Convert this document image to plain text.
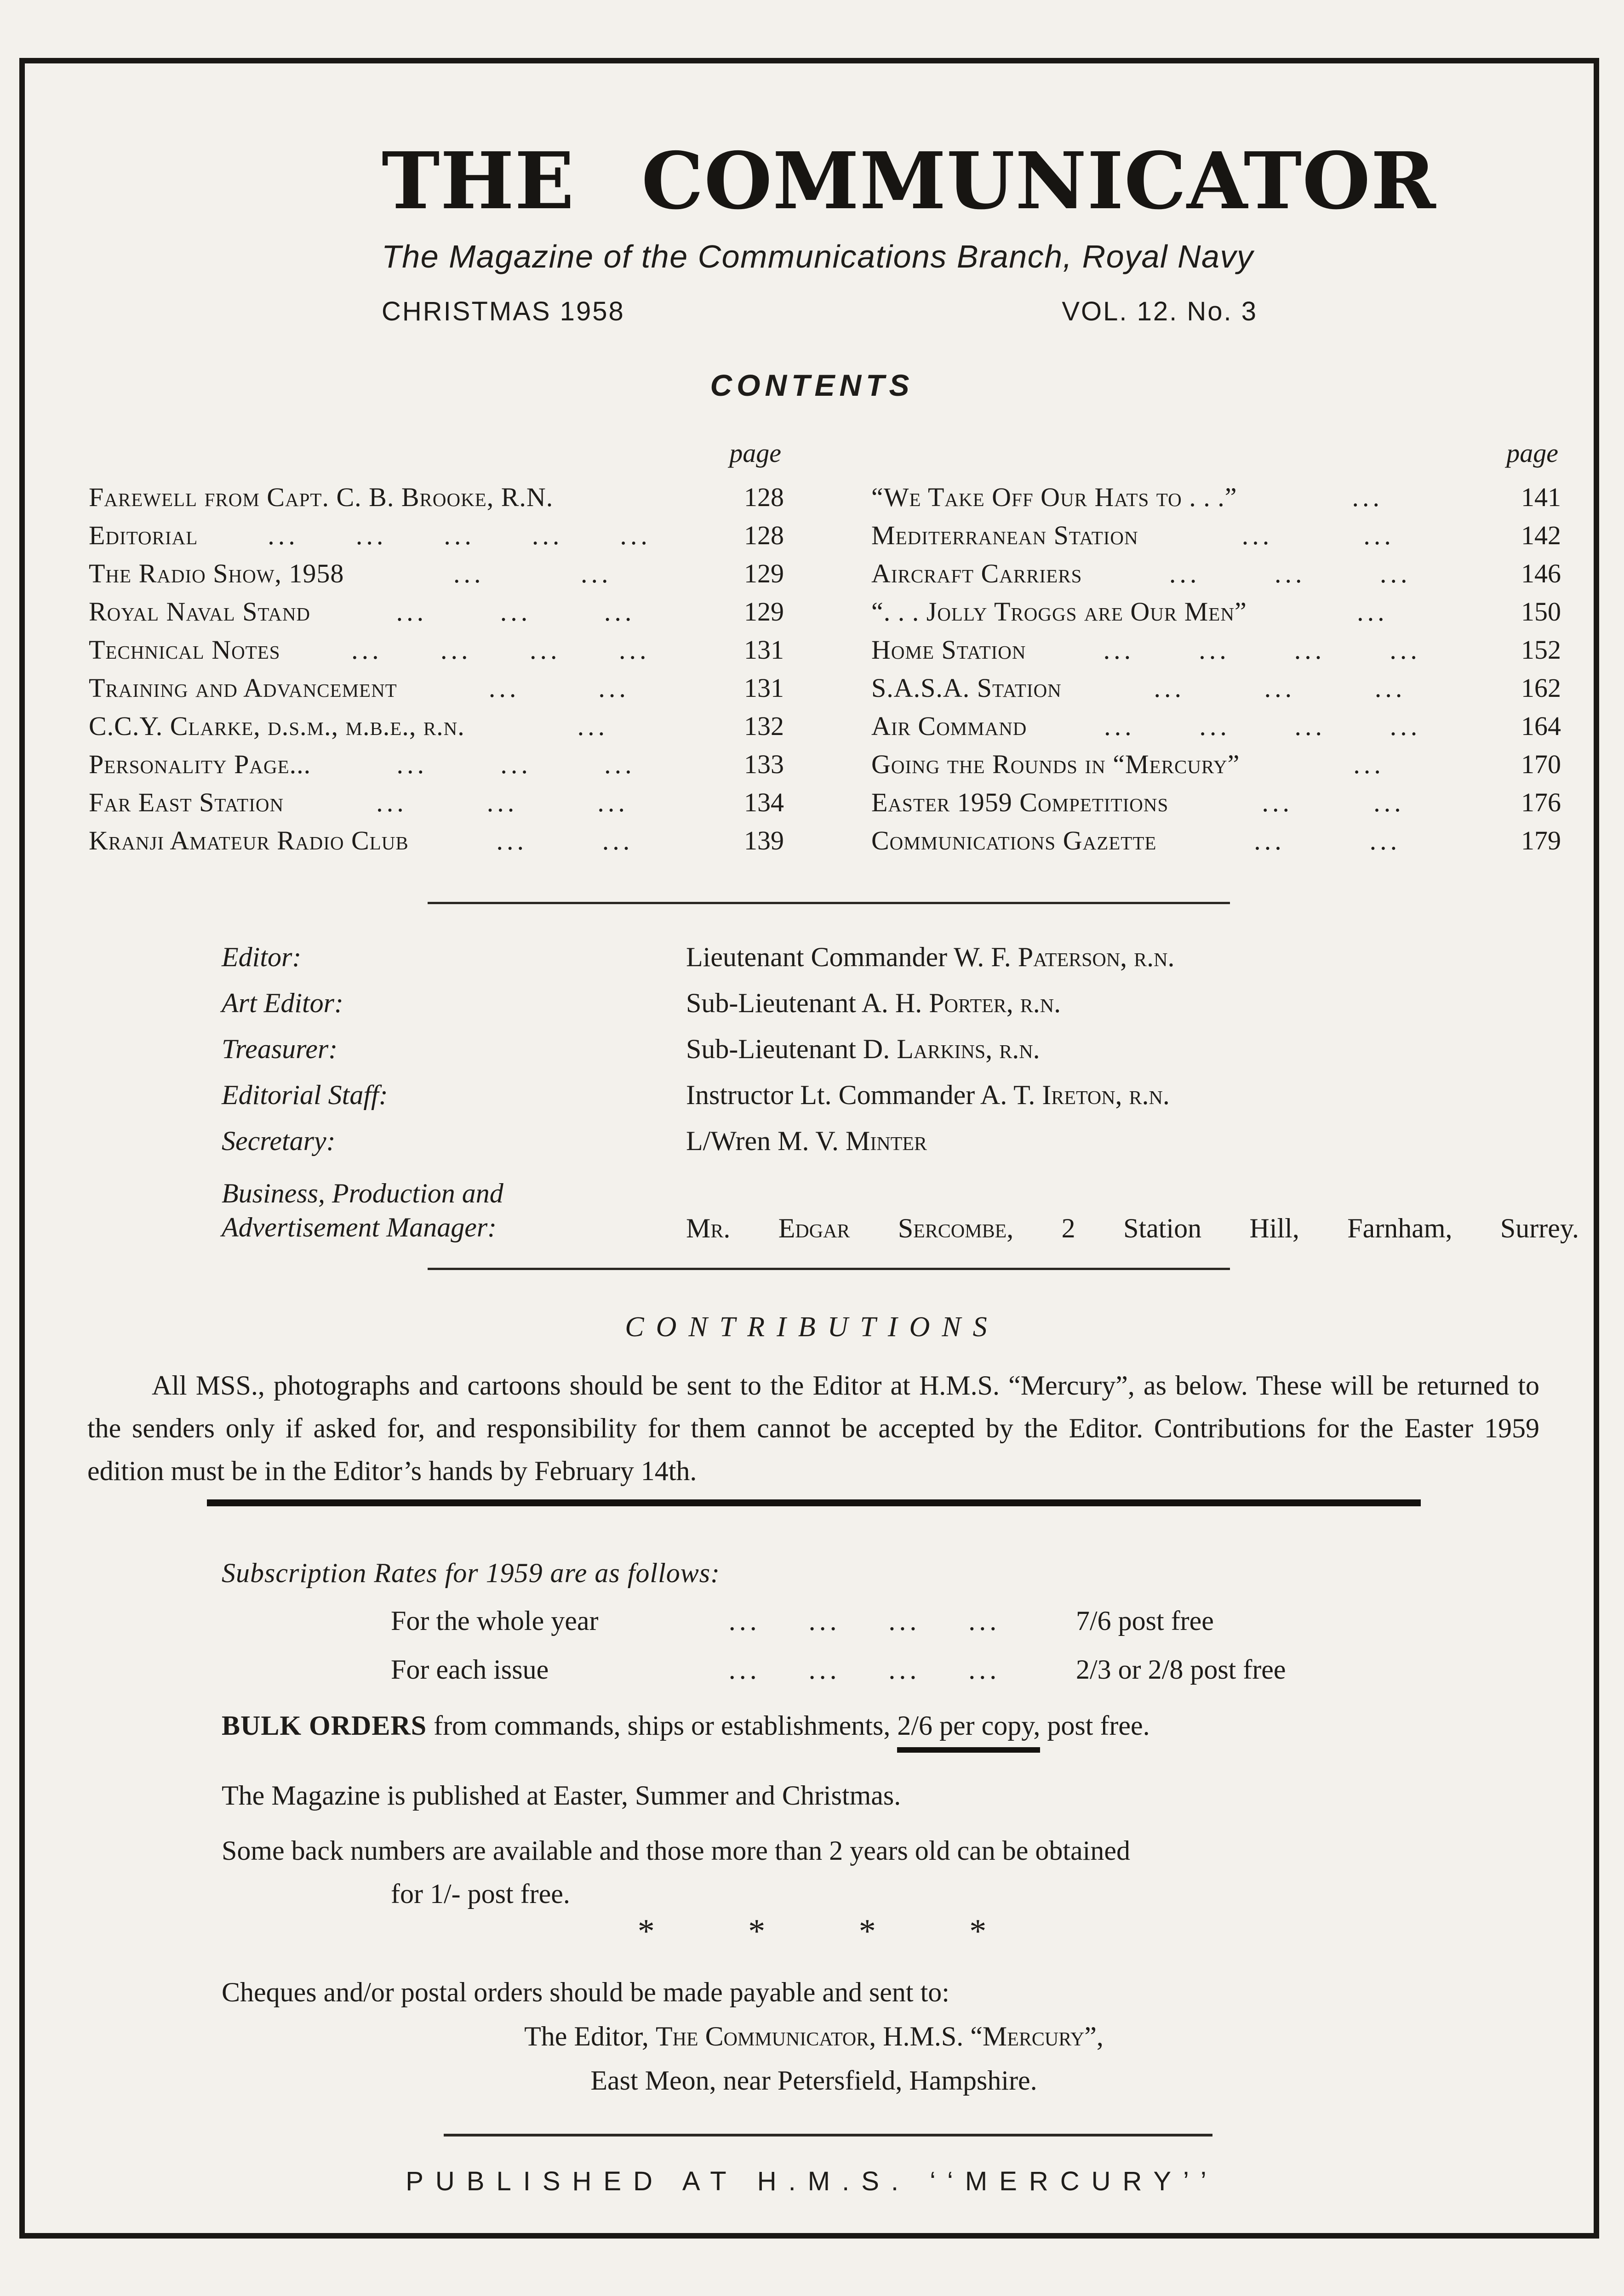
THE COMMUNICATOR
The Magazine of the Communications Branch, Royal Navy
CHRISTMAS 1958	VOL. 12. No. 3
CONTENTS
page
Farewell from Capt. C. B. Brooke, R.N.	128
Editorial	... ... ... ... ...	128
The Radio Show, 1958	...	...	129
Royal Naval Stand	...	...	...	129
Technical Notes	... ... ... ...	131
Training and Advancement	...	...	131
C.C.Y. Clarke, d.s.m., m.b.e., r.n.	...	132
Personality Page...	...	...	...	133
Far East Station	...	...	...	134
Kranji Amateur Radio Club	...	...	139
page
“We Take Off Our Hats to . . .”	...	141
Mediterranean Station	...	...	142
Aircraft Carriers	...	...	...	146
“. . . Jolly Troggs are Our Men”	...	150
Home Station	... ... ... ...	152
S.A.S.A. Station	...	...	...	162
Air Command	... ... ... ...	164
Going the Rounds in “Mercury”	...	170
Easter 1959 Competitions	...	...	176
Communications Gazette	...	...	179
Editor:	Lieutenant Commander W. F. Paterson, r.n.
Art Editor:	Sub-Lieutenant A. H. Porter, r.n.
Treasurer:	Sub-Lieutenant D. Larkins, r.n.
Editorial Staff:	Instructor Lt. Commander A. T. Ireton, r.n.
Secretary:	L/Wren M. V. Minter
Business, Production and
Advertisement Manager:	Mr. Edgar Sercombe, 2 Station Hill, Farnham, Surrey.
CONTRIBUTIONS
All MSS., photographs and cartoons should be sent to the Editor at H.M.S. “Mercury”, as below. These will be returned to the senders only if asked for, and responsibility for them cannot be accepted by the Editor. Contributions for the Easter 1959 edition must be in the Editor’s hands by February 14th.
Subscription Rates for 1959 are as follows:
For the whole year	... ... ... ...	7/6 post free
For each issue	... ... ... ...	2/3 or 2/8 post free
BULK ORDERS from commands, ships or establishments, 2/6 per copy, post free.
The Magazine is published at Easter, Summer and Christmas.
Some back numbers are available and those more than 2 years old can be obtained
for 1/- post free.
* * * *
Cheques and/or postal orders should be made payable and sent to:
The Editor, The Communicator, H.M.S. “Mercury”,
East Meon, near Petersfield, Hampshire.
PUBLISHED AT H.M.S. ‘‘MERCURY’’
